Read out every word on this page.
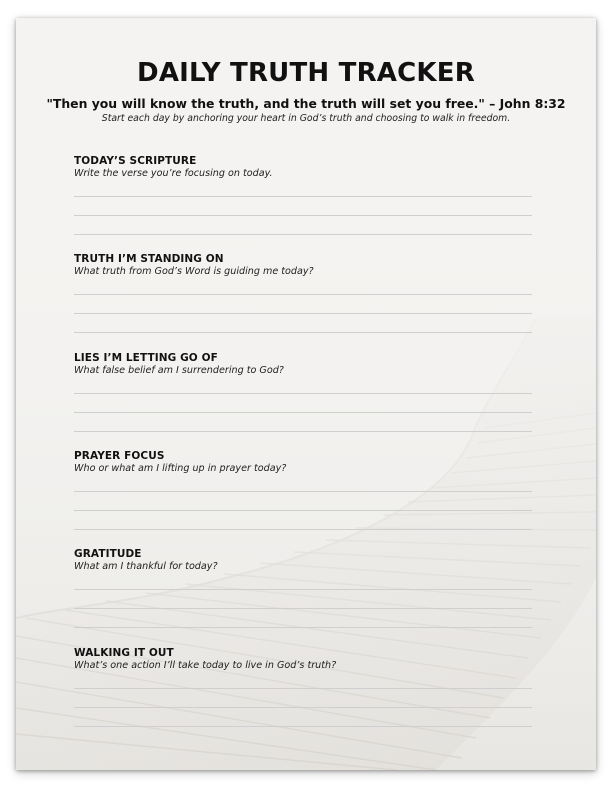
DAILY TRUTH TRACKER
"Then you will know the truth, and the truth will set you free." – John 8:32
Start each day by anchoring your heart in God’s truth and choosing to walk in freedom.
TODAY’S SCRIPTURE
Write the verse you’re focusing on today.
TRUTH I’M STANDING ON
What truth from God’s Word is guiding me today?
LIES I’M LETTING GO OF
What false belief am I surrendering to God?
PRAYER FOCUS
Who or what am I lifting up in prayer today?
GRATITUDE
What am I thankful for today?
WALKING IT OUT
What’s one action I’ll take today to live in God’s truth?
